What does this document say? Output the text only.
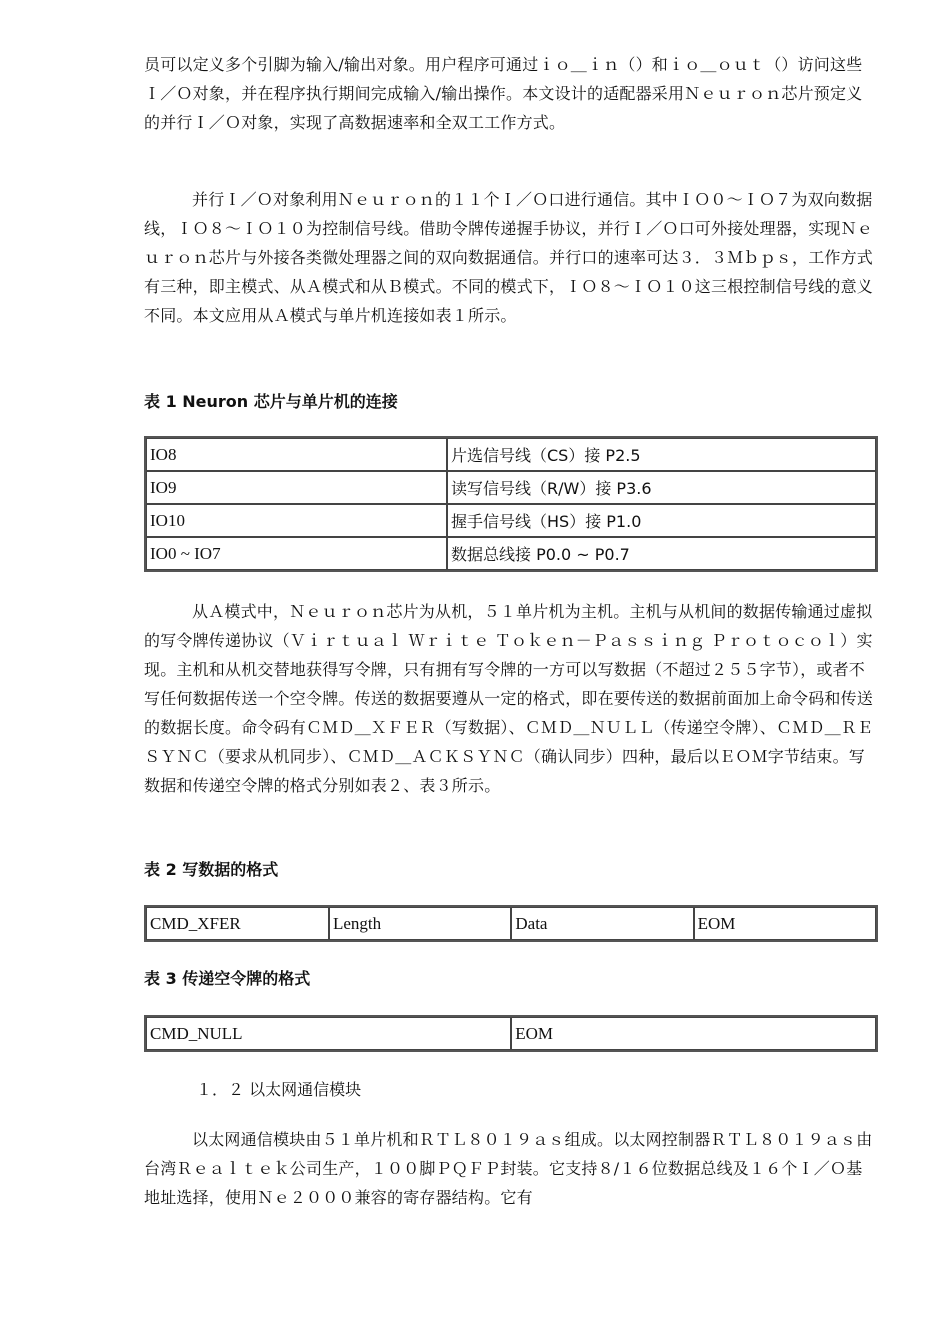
员可以定义多个引脚为输入/输出对象。用户程序可通过ｉｏ＿ｉｎ（）和ｉｏ＿ｏｕｔ（）访问这些Ｉ／Ｏ对象，并在程序执行期间完成输入/输出操作。本文设计的适配器采用Ｎｅｕｒｏｎ芯片预定义的并行Ｉ／Ｏ对象，实现了高数据速率和全双工工作方式。

并行Ｉ／Ｏ对象利用Ｎｅｕｒｏｎ的１１个Ｉ／Ｏ口进行通信。其中ＩＯ０～ＩＯ７为双向数据线，ＩＯ８～ＩＯ１０为控制信号线。借助令牌传递握手协议，并行Ｉ／Ｏ口可外接处理器，实现Ｎｅｕｒｏｎ芯片与外接各类微处理器之间的双向数据通信。并行口的速率可达３．３Ｍｂｐｓ，工作方式有三种，即主模式、从Ａ模式和从Ｂ模式。不同的模式下，ＩＯ８～ＩＯ１０这三根控制信号线的意义不同。本文应用从Ａ模式与单片机连接如表１所示。

表 1 Neuron 芯片与单片机的连接
IO8	片选信号线（CS）接 P2.5
IO9	读写信号线（R/W）接 P3.6
IO10	握手信号线（HS）接 P1.0
IO0 ~ IO7	数据总线接 P0.0 ~ P0.7

从Ａ模式中，Ｎｅｕｒｏｎ芯片为从机，５１单片机为主机。主机与从机间的数据传输通过虚拟的写令牌传递协议（Ｖｉｒｔｕａｌ Ｗｒｉｔｅ Ｔｏｋｅｎ－Ｐａｓｓｉｎｇ Ｐｒｏｔｏｃｏｌ）实现。主机和从机交替地获得写令牌，只有拥有写令牌的一方可以写数据（不超过２５５字节），或者不写任何数据传送一个空令牌。传送的数据要遵从一定的格式，即在要传送的数据前面加上命令码和传送的数据长度。命令码有ＣＭＤ＿ＸＦＥＲ（写数据）、ＣＭＤ＿ＮＵＬＬ（传递空令牌）、ＣＭＤ＿ＲＥＳＹＮＣ（要求从机同步）、ＣＭＤ＿ＡＣＫＳＹＮＣ（确认同步）四种，最后以ＥＯＭ字节结束。写数据和传递空令牌的格式分别如表２、表３所示。

表 2 写数据的格式
CMD_XFER	Length	Data	EOM
表 3 传递空令牌的格式
CMD_NULL	EOM
１．２ 以太网通信模块

以太网通信模块由５１单片机和ＲＴＬ８０１９ａｓ组成。以太网控制器ＲＴＬ８０１９ａｓ由台湾Ｒｅａｌｔｅｋ公司生产，１００脚ＰＱＦＰ封装。它支持８/１６位数据总线及１６个Ｉ／Ｏ基地址选择，使用Ｎｅ２０００兼容的寄存器结构。它有
